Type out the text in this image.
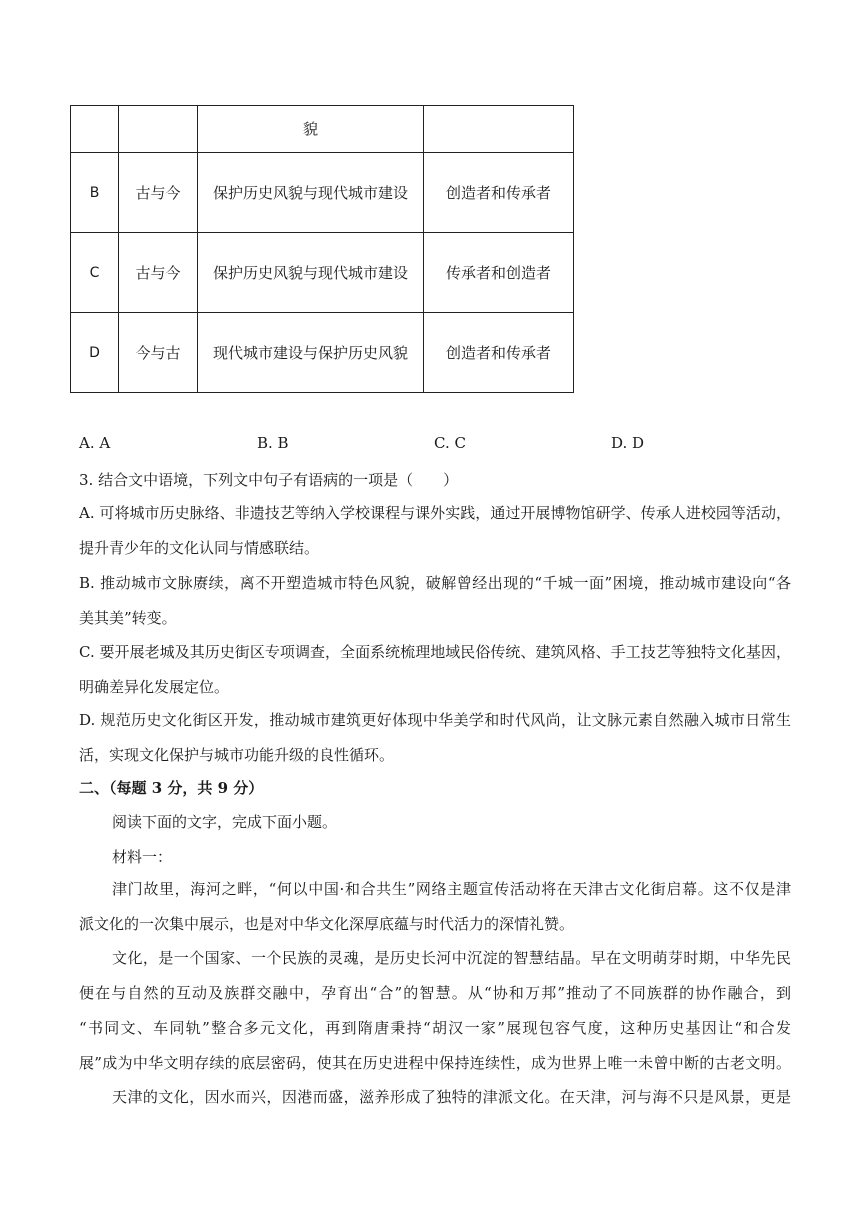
		貌	
B	古与今	保护历史风貌与现代城市建设	创造者和传承者
C	古与今	保护历史风貌与现代城市建设	传承者和创造者
D	今与古	现代城市建设与保护历史风貌	创造者和传承者
A. A	B. B	C. C	D. D
3. 结合文中语境，下列文中句子有语病的一项是（　　）
A. 可将城市历史脉络、非遗技艺等纳入学校课程与课外实践，通过开展博物馆研学、传承人进校园等活动，
提升青少年的文化认同与情感联结。
B. 推动城市文脉赓续，离不开塑造城市特色风貌，破解曾经出现的“千城一面”困境，推动城市建设向“各
美其美”转变。
C. 要开展老城及其历史街区专项调查，全面系统梳理地域民俗传统、建筑风格、手工技艺等独特文化基因，
明确差异化发展定位。
D. 规范历史文化街区开发，推动城市建筑更好体现中华美学和时代风尚，让文脉元素自然融入城市日常生
活，实现文化保护与城市功能升级的良性循环。
二、（每题 3 分，共 9 分）
阅读下面的文字，完成下面小题。
材料一：
津门故里，海河之畔，“何以中国·和合共生”网络主题宣传活动将在天津古文化街启幕。这不仅是津
派文化的一次集中展示，也是对中华文化深厚底蕴与时代活力的深情礼赞。
文化，是一个国家、一个民族的灵魂，是历史长河中沉淀的智慧结晶。早在文明萌芽时期，中华先民
便在与自然的互动及族群交融中，孕育出“合”的智慧。从“协和万邦”推动了不同族群的协作融合，到
“书同文、车同轨”整合多元文化，再到隋唐秉持“胡汉一家”展现包容气度，这种历史基因让“和合发
展”成为中华文明存续的底层密码，使其在历史进程中保持连续性，成为世界上唯一未曾中断的古老文明。
天津的文化，因水而兴，因港而盛，滋养形成了独特的津派文化。在天津，河与海不只是风景，更是
